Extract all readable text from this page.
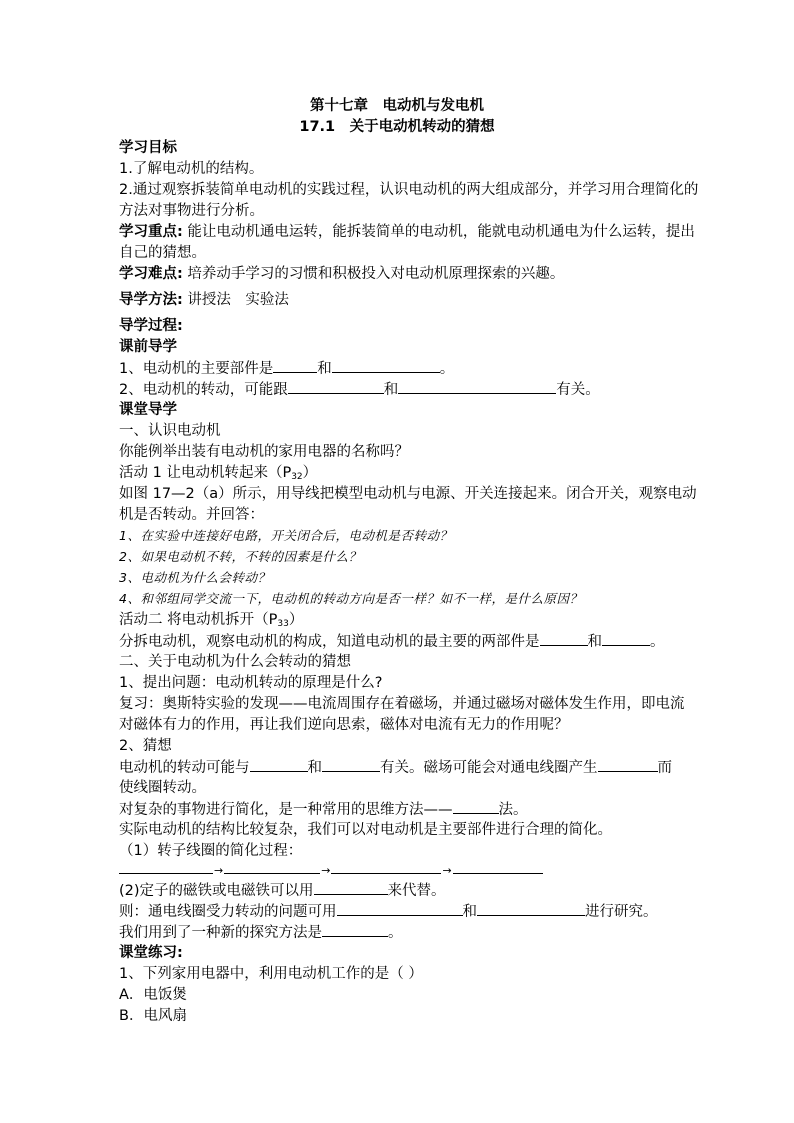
第十七章　电动机与发电机
17.1　关于电动机转动的猜想
学习目标
1.了解电动机的结构。
2.通过观察拆装简单电动机的实践过程，认识电动机的两大组成部分，并学习用合理简化的
方法对事物进行分析。
学习重点: 能让电动机通电运转，能拆装简单的电动机，能就电动机通电为什么运转，提出
自己的猜想。
学习难点: 培养动手学习的习惯和积极投入对电动机原理探索的兴趣。
导学方法: 讲授法　实验法
导学过程:
课前导学
1、电动机的主要部件是	和	。
2、电动机的转动，可能跟	和	有关。
课堂导学
一、认识电动机
你能例举出装有电动机的家用电器的名称吗？
活动 1 让电动机转起来$(P_{32})$
如图 17—2（a）所示，用导线把模型电动机与电源、开关连接起来。闭合开关，观察电动
机是否转动。并回答：
1、在实验中连接好电路，开关闭合后，电动机是否转动？
2、如果电动机不转，不转的因素是什么？
3、电动机为什么会转动？
4、和邻组同学交流一下，电动机的转动方向是否一样？如不一样，是什么原因？
活动二 将电动机拆开$(P_{33})$
分拆电动机，观察电动机的构成，知道电动机的最主要的两部件是	和	。
二、关于电动机为什么会转动的猜想
1、提出问题：电动机转动的原理是什么?
复习：奥斯特实验的发现——电流周围存在着磁场，并通过磁场对磁体发生作用，即电流
对磁体有力的作用，再让我们逆向思索，磁体对电流有无力的作用呢？
2、猜想
电动机的转动可能与	和	有关。磁场可能会对通电线圈产生	而
使线圈转动。
对复杂的事物进行简化，是一种常用的思维方法——	法。
实际电动机的结构比较复杂，我们可以对电动机是主要部件进行合理的简化。
（1）转子线圈的简化过程：
→	→	→
(2)定子的磁铁或电磁铁可以用	来代替。
则：通电线圈受力转动的问题可用	和	进行研究。
我们用到了一种新的探究方法是	。
课堂练习:
1、下列家用电器中，利用电动机工作的是（ ）
A．电饭煲
B．电风扇
